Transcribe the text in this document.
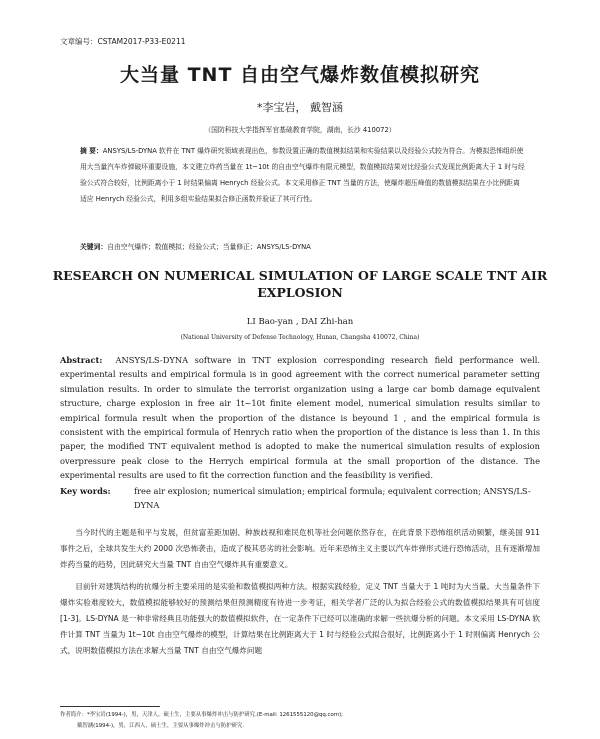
文章编号：CSTAM2017-P33-E0211
大当量 TNT 自由空气爆炸数值模拟研究
*李宝岩， 戴智涵
（国防科技大学指挥军官基础教育学院，湖南，长沙 410072）
摘 要：ANSYS/LS-DYNA 软件在 TNT 爆炸研究领域表现出色，参数设置正确的数值模拟结果和实验结果以及经验公式较为符合。为模拟恐怖组织使用大当量汽车炸弹破坏重要设施，本文建立炸药当量在 1t~10t 的自由空气爆炸有限元模型，数值模拟结果对比经验公式发现比例距离大于 1 时与经验公式符合较好，比例距离小于 1 时结果偏离 Henrych 经验公式。本文采用修正 TNT 当量的方法，使爆炸超压峰值的数值模拟结果在小比例距离适应 Henrych 经验公式，利用多组实验结果拟合修正函数并验证了其可行性。
关键词：自由空气爆炸；数值模拟；经验公式；当量修正；ANSYS/LS-DYNA
RESEARCH ON NUMERICAL SIMULATION OF LARGE SCALE TNT AIR EXPLOSION
LI Bao-yan , DAI Zhi-han
(National University of Defense Technology, Hunan, Changsha 410072, China)
Abstract: ANSYS/LS-DYNA software in TNT explosion corresponding research field performance well. experimental results and empirical formula is in good agreement with the correct numerical parameter setting simulation results. In order to simulate the terrorist organization using a large car bomb damage equivalent structure, charge explosion in free air 1t~10t finite element model, numerical simulation results similar to empirical formula result when the proportion of the distance is beyound 1 , and the empirical formula is consistent with the empirical formula of Henrych ratio when the proportion of the distance is less than 1. In this paper, the modified TNT equivalent method is adopted to make the numerical simulation results of explosion overpressure peak close to the Herrych empirical formula at the small proportion of the distance. The experimental results are used to fit the correction function and the feasibility is verified.
Key words:	free air explosion; numerical simulation; empirical formula; equivalent correction; ANSYS/LS-DYNA

当今时代的主题是和平与发展，但贫富差距加剧、种族歧视和难民危机等社会问题依然存在，在此背景下恐怖组织活动频繁，继美国 911 事件之后，全球共发生大约 2000 次恐怖袭击，造成了极其恶劣的社会影响。近年来恐怖主义主要以汽车炸弹形式进行恐怖活动，且有逐渐增加炸药当量的趋势，因此研究大当量 TNT 自由空气爆炸具有重要意义。

目前针对建筑结构的抗爆分析主要采用的是实验和数值模拟两种方法。根据实践经验，定义 TNT 当量大于 1 吨时为大当量。大当量条件下爆炸实验难度较大，数值模拟能够较好的预测结果但预测精度有待进一步考证，相关学者广泛的认为拟合经验公式的数值模拟结果具有可信度[1-3]。LS-DYNA 是一种非常经典且功能强大的数值模拟软件，在一定条件下已经可以准确的求解一些抗爆分析的问题。本文采用 LS-DYNA 软件计算 TNT 当量为 1t~10t 自由空气爆炸的模型，计算结果在比例距离大于 1 时与经验公式拟合很好，比例距离小于 1 时则偏离 Henrych 公式，说明数值模拟方法在求解大当量 TNT 自由空气爆炸问题

作者简介：*李宝岩(1994-)，男，天津人，硕士生，主要从事爆炸冲击与防护研究.(E-mail: 1261555120@qq.com);
戴智涵(1994-)，男，江西人，硕士生，主要从事爆炸冲击与防护研究.
